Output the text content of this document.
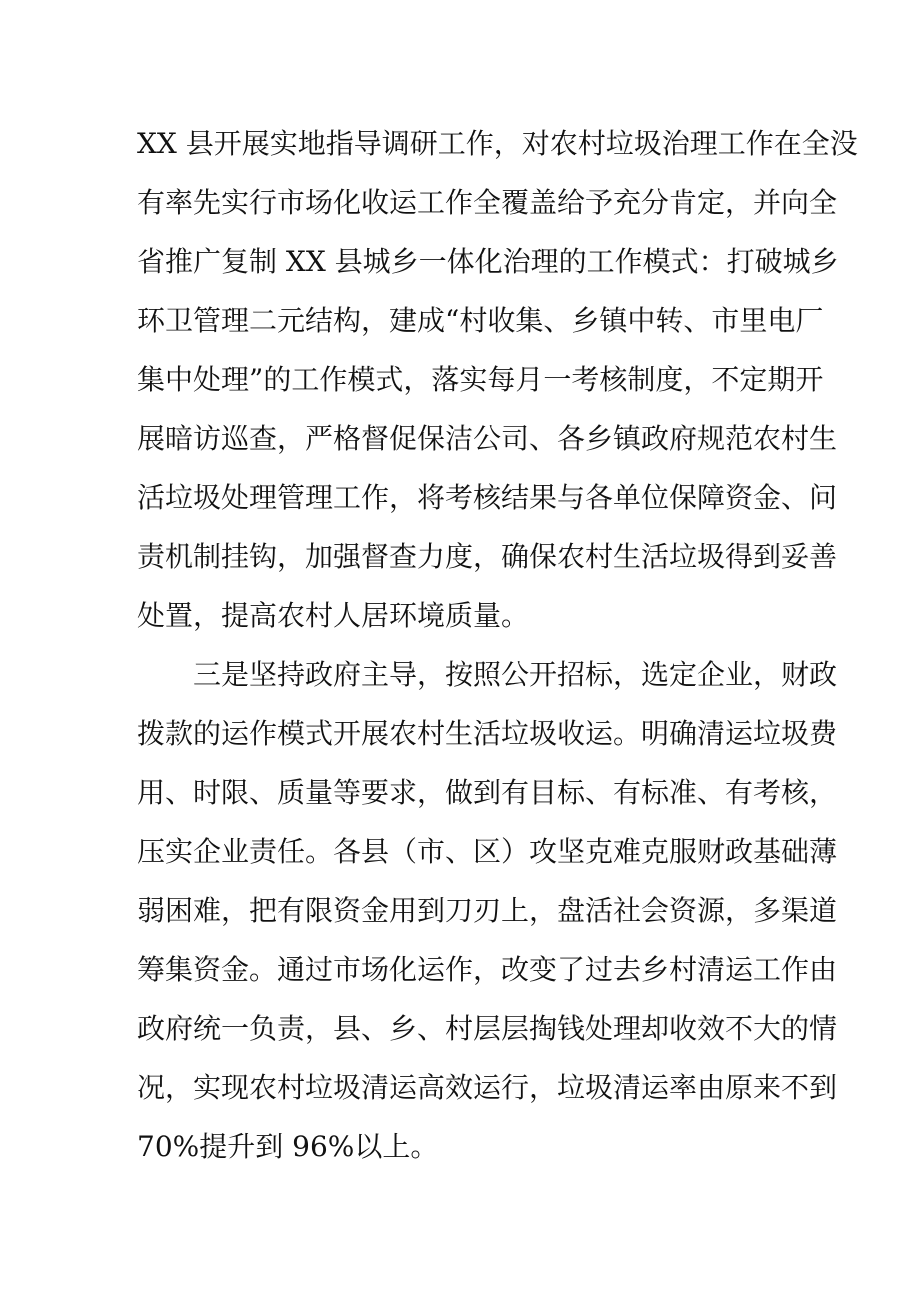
XX 县开展实地指导调研工作，对农村垃圾治理工作在全没
有率先实行市场化收运工作全覆盖给予充分肯定，并向全
省推广复制 XX 县城乡一体化治理的工作模式：打破城乡
环卫管理二元结构，建成“村收集、乡镇中转、市里电厂
集中处理”的工作模式，落实每月一考核制度，不定期开
展暗访巡查，严格督促保洁公司、各乡镇政府规范农村生
活垃圾处理管理工作，将考核结果与各单位保障资金、问
责机制挂钩，加强督查力度，确保农村生活垃圾得到妥善
处置，提高农村人居环境质量。
三是坚持政府主导，按照公开招标，选定企业，财政
拨款的运作模式开展农村生活垃圾收运。明确清运垃圾费
用、时限、质量等要求，做到有目标、有标准、有考核，
压实企业责任。各县（市、区）攻坚克难克服财政基础薄
弱困难，把有限资金用到刀刃上，盘活社会资源，多渠道
筹集资金。通过市场化运作，改变了过去乡村清运工作由
政府统一负责，县、乡、村层层掏钱处理却收效不大的情
况，实现农村垃圾清运高效运行，垃圾清运率由原来不到
70%提升到 96%以上。
